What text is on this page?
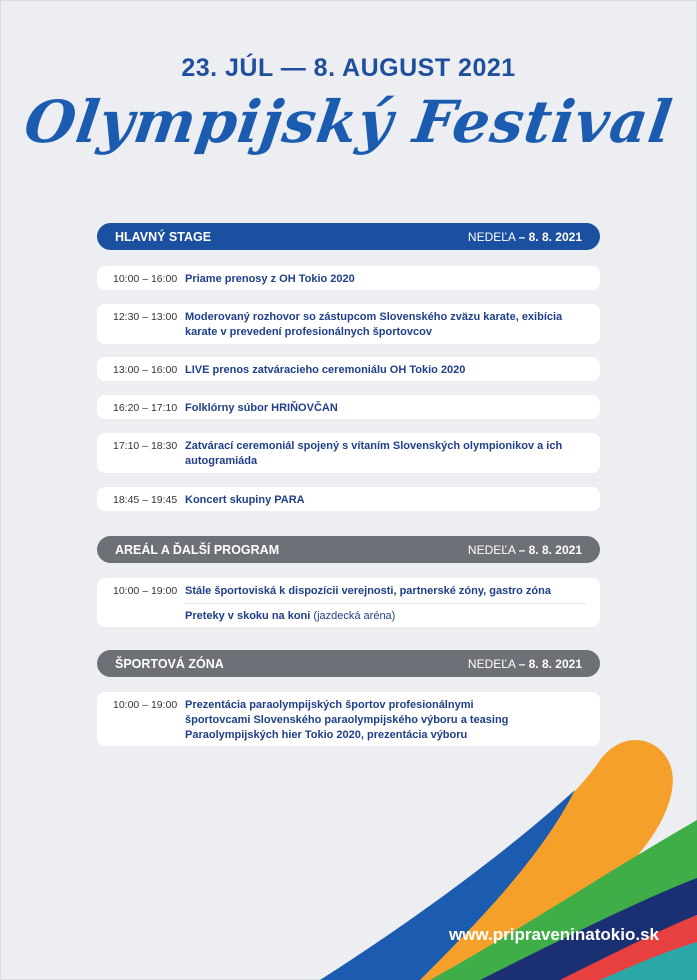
23. JÚL — 8. AUGUST 2021
Olympijský Festival
HLAVNÝ STAGE	NEDEĽA – 8. 8. 2021
10:00 – 16:00 Priame prenosy z OH Tokio 2020
12:30 – 13:00 Moderovaný rozhovor so zástupcom Slovenského zväzu karate, exibícia karate v prevedení profesionálnych športovcov
13:00 – 16:00 LIVE prenos zatváracieho ceremoniálu OH Tokio 2020
16:20 – 17:10 Folklórny súbor HRIŇOVČAN
17:10 – 18:30 Zatvárací ceremoniál spojený s vítaním Slovenských olympionikov a ich autogramiáda
18:45 – 19:45 Koncert skupiny PARA
AREÁL A ĎALŠÍ PROGRAM	NEDEĽA – 8. 8. 2021
10:00 – 19:00 Stále športoviská k dispozícii verejnosti, partnerské zóny, gastro zóna
Preteky v skoku na koni (jazdecká aréna)
ŠPORTOVÁ ZÓNA	NEDEĽA – 8. 8. 2021
10:00 – 19:00 Prezentácia paraolympijských športov profesionálnymi športovcami Slovenského paraolympijského výboru a teasing Paraolympijských hier Tokio 2020, prezentácia výboru
www.pripraveninatokio.sk
